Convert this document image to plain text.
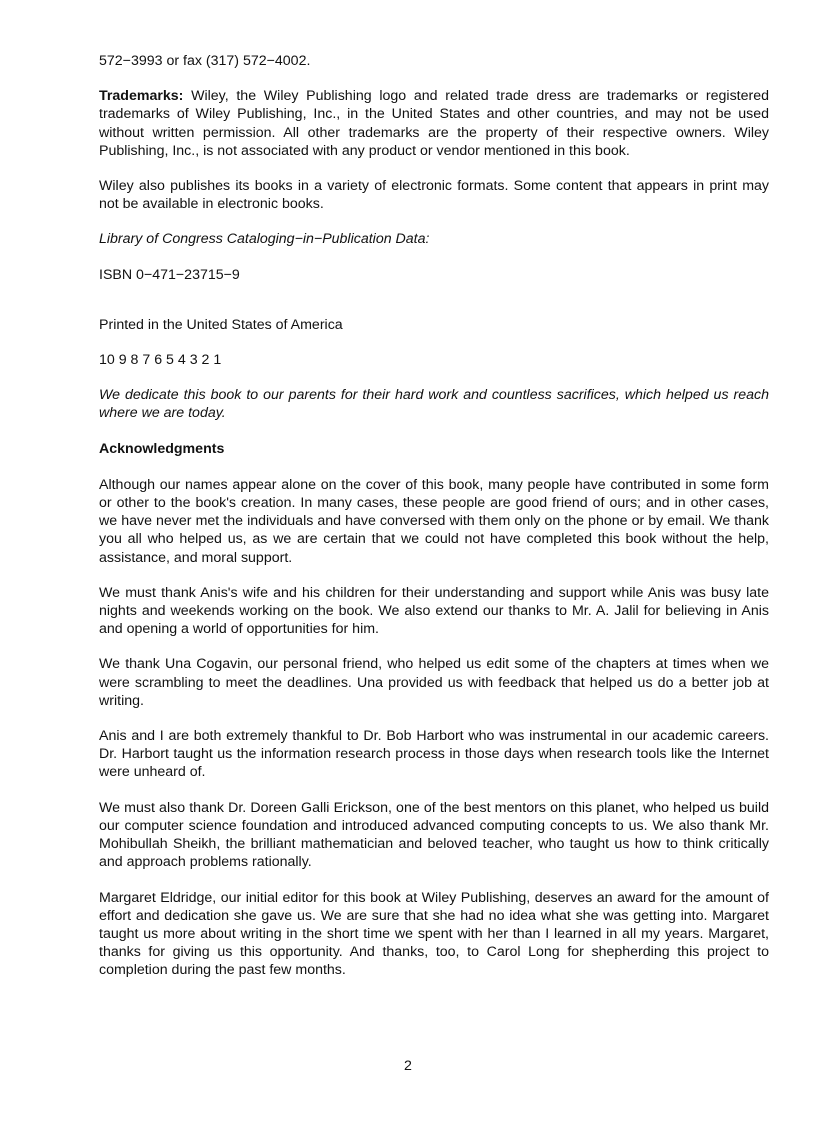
572−3993 or fax (317) 572−4002.

Trademarks: Wiley, the Wiley Publishing logo and related trade dress are trademarks or registered trademarks of Wiley Publishing, Inc., in the United States and other countries, and may not be used without written permission. All other trademarks are the property of their respective owners. Wiley Publishing, Inc., is not associated with any product or vendor mentioned in this book.

Wiley also publishes its books in a variety of electronic formats. Some content that appears in print may not be available in electronic books.

Library of Congress Cataloging−in−Publication Data:

ISBN 0−471−23715−9

Printed in the United States of America

10 9 8 7 6 5 4 3 2 1

We dedicate this book to our parents for their hard work and countless sacrifices, which helped us reach where we are today.

Acknowledgments

Although our names appear alone on the cover of this book, many people have contributed in some form or other to the book's creation. In many cases, these people are good friend of ours; and in other cases, we have never met the individuals and have conversed with them only on the phone or by email. We thank you all who helped us, as we are certain that we could not have completed this book without the help, assistance, and moral support.

We must thank Anis's wife and his children for their understanding and support while Anis was busy late nights and weekends working on the book. We also extend our thanks to Mr. A. Jalil for believing in Anis and opening a world of opportunities for him.

We thank Una Cogavin, our personal friend, who helped us edit some of the chapters at times when we were scrambling to meet the deadlines. Una provided us with feedback that helped us do a better job at writing.

Anis and I are both extremely thankful to Dr. Bob Harbort who was instrumental in our academic careers. Dr. Harbort taught us the information research process in those days when research tools like the Internet were unheard of.

We must also thank Dr. Doreen Galli Erickson, one of the best mentors on this planet, who helped us build our computer science foundation and introduced advanced computing concepts to us. We also thank Mr. Mohibullah Sheikh, the brilliant mathematician and beloved teacher, who taught us how to think critically and approach problems rationally.

Margaret Eldridge, our initial editor for this book at Wiley Publishing, deserves an award for the amount of effort and dedication she gave us. We are sure that she had no idea what she was getting into. Margaret taught us more about writing in the short time we spent with her than I learned in all my years. Margaret, thanks for giving us this opportunity. And thanks, too, to Carol Long for shepherding this project to completion during the past few months.

2
